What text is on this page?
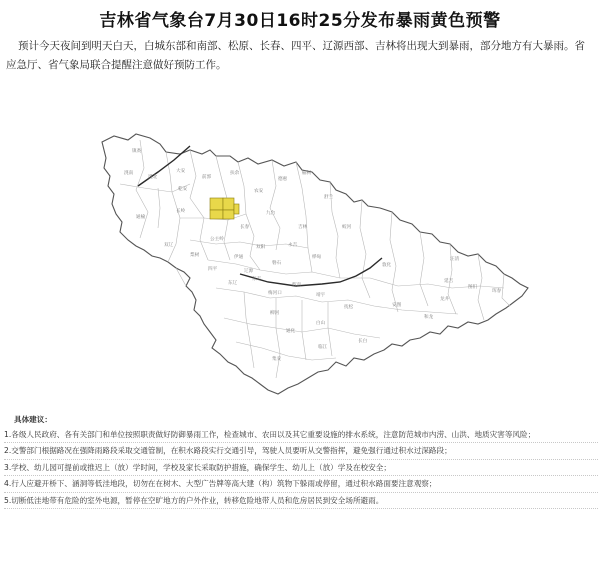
吉林省气象台7月30日16时25分发布暴雨黄色预警
预计今天夜间到明天白天，白城东部和南部、松原、长春、四平、辽源西部、吉林将出现大到暴雨，部分地方有大暴雨。省应急厅、省气象局联合提醒注意做好预防工作。
镇赉
洮南
洮北
大安
通榆
乾安
前郭
扶余
长岭
农安
德惠
榆树
舒兰
九台
长春
双阳
公主岭
双辽
梨树
四平
伊通
吉林
永吉
磐石
蛟河
桦甸
东丰
东辽
辽源
梅河口
辉南
柳河
通化
集安
白山
靖宇
抚松
临江
长白
敦化
安图
和龙
龙井
延吉
汪清
图们
珲春
具体建议：
1.各级人民政府、各有关部门和单位按照职责做好防御暴雨工作，检查城市、农田以及其它重要设施的排水系统，注意防范城市内涝、山洪、地质灾害等风险；
2.交警部门根据路况在强降雨路段采取交通管制，在积水路段实行交通引导，驾驶人员要听从交警指挥，避免强行通过积水过深路段；
3.学校、幼儿园可提前或推迟上（放）学时间，学校及家长采取防护措施，确保学生、幼儿上（放）学及在校安全；
4.行人应避开桥下、涵洞等低洼地段，切勿在在树木、大型广告牌等高大建（构）筑物下躲雨或停留，通过积水路面要注意观察；
5.切断低洼地带有危险的室外电源，暂停在空旷地方的户外作业，转移危险地带人员和危房居民到安全场所避雨。
